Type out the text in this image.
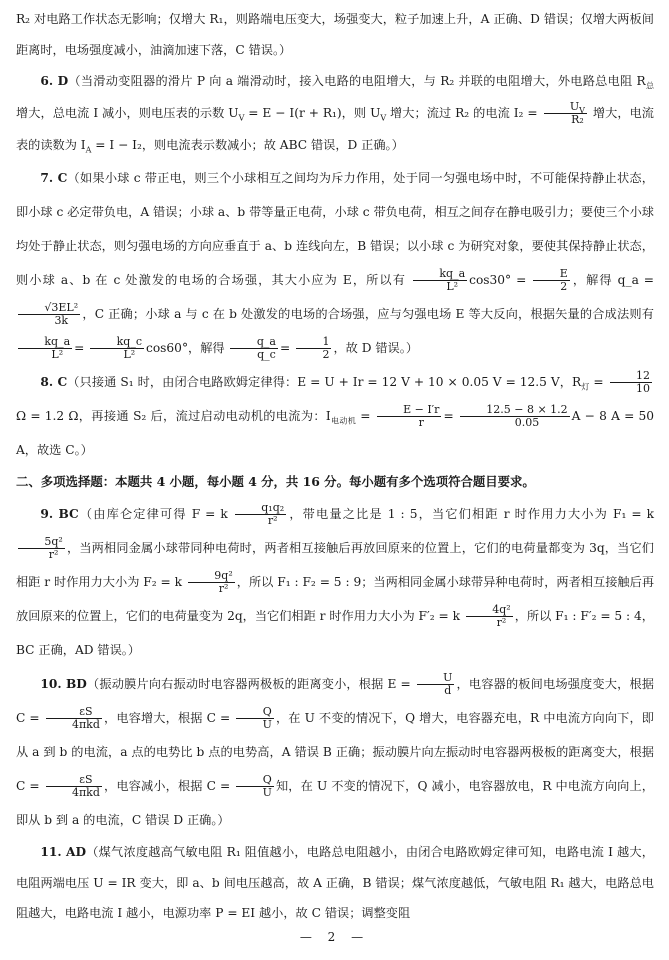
R₂ 对电路工作状态无影响；仅增大 R₁，则路端电压变大，场强变大，粒子加速上升，A 正确、D 错误；仅增大两板间距离时，电场强度减小，油滴加速下落，C 错误。）

6. D（当滑动变阻器的滑片 P 向 a 端滑动时，接入电路的电阻增大，与 R₂ 并联的电阻增大，外电路总电阻 $R_总$ 增大，总电流 I 减小，则电压表的示数 $U_V = E - I(r + R_1)$，则 $U_V$ 增大；流过 R₂ 的电流 $I_2 = \frac{U_V}{\text{R₂}}$ 增大，电流表的读数为 $I_A = I - I_2$，则电流表示数减小；故 ABC 错误，D 正确。）

7. C（如果小球 c 带正电，则三个小球相互之间均为斥力作用，处于同一匀强电场中时，不可能保持静止状态，即小球 c 必定带负电，A 错误；小球 a、b 带等量正电荷，小球 c 带负电荷，相互之间存在静电吸引力；要使三个小球均处于静止状态，则匀强电场的方向应垂直于 a、b 连线向左，B 错误；以小球 c 为研究对象，要使其保持静止状态，则小球 a、b 在 c 处激发的电场的合场强，其大小应为 E，所以有 $\frac{kq\_a}{\text{L²}} \cos 30^\circ = \frac{E}{2}$ ，解得 q_a =
$\frac{\text{√3EL²}}{3k}$ ，C 正确；小球 a 与 c 在 b 处激发的电场的合场强，应与匀强电场 E 等大反向，根据矢量的合成法则有
$\frac{kq\_a}{\text{L²}} = \frac{kq\_c}{\text{L²}} \cos 60^\circ$，解得 $\frac{q\_a}{q\_c} = \frac{1}{2}$ ，故 D 错误。）

8. C（只接通 S₁ 时，由闭合电路欧姆定律得：E = U + Ir = 12 V + 10 × 0.05 V = 12.5 V，$R_灯 = \frac{12}{10}$
Ω = 1.2 Ω，再接通 S₂ 后，流过启动电动机的电流为：$I_{电动机} = \frac{E - I'r}{r} = \frac{12.5 - 8 \times 1.2}{0.05}$ A − 8 A = 50 A，故选 C。）

二、多项选择题：本题共 4 小题，每小题 4 分，共 16 分。每小题有多个选项符合题目要求。

9. BC（由库仑定律可得 F = k $\frac{\text{q₁q₂}}{\text{r²}}$ ，带电量之比是 1 : 5，当它们相距 r 时作用力大小为 F₁ = k
$\frac{\text{5q²}}{\text{r²}}$ ，当两相同金属小球带同种电荷时，两者相互接触后再放回原来的位置上，它们的电荷量都变为 3q，当它们相距 r 时作用力大小为 F₂ = k $\frac{\text{9q²}}{\text{r²}}$ ，所以 F₁ : F₂ = 5 : 9；当两相同金属小球带异种电荷时，两者相互接触后再放回原来的位置上，它们的电荷量变为 2q，当它们相距 r 时作用力大小为 F′₂ = k $\frac{\text{4q²}}{\text{r²}}$ ，所以 F₁ : F′₂ = 5 : 4，BC 正确，AD 错误。）

10. BD（振动膜片向右振动时电容器两极板的距离变小，根据 $E = \frac{U}{d}$ ，电容器的板间电场强度变大，根据 $C = \frac{\varepsilon S}{\text{4πkd}}$ ，电容增大，根据 $C = \frac{Q}{U}$ ，在 U 不变的情况下，Q 增大，电容器充电，R 中电流方向向下，即从 a 到 b 的电流，a 点的电势比 b 点的电势高，A 错误 B 正确；振动膜片向左振动时电容器两极板的距离变大，根据 $C = \frac{\varepsilon S}{\text{4πkd}}$ ，电容减小，根据 $C = \frac{Q}{U}$ 知，在 U 不变的情况下，Q 减小，电容器放电，R 中电流方向向上，即从 b 到 a 的电流，C 错误 D 正确。）

11. AD（煤气浓度越高气敏电阻 R₁ 阻值越小，电路总电阻越小，由闭合电路欧姆定律可知，电路电流 I 越大，电阻两端电压 U = IR 变大，即 a、b 间电压越高，故 A 正确，B 错误；煤气浓度越低，气敏电阻 R₁ 越大，电路总电阻越大，电路电流 I 越小，电源功率 P = EI 越小，故 C 错误；调整变阻

— 2 —
